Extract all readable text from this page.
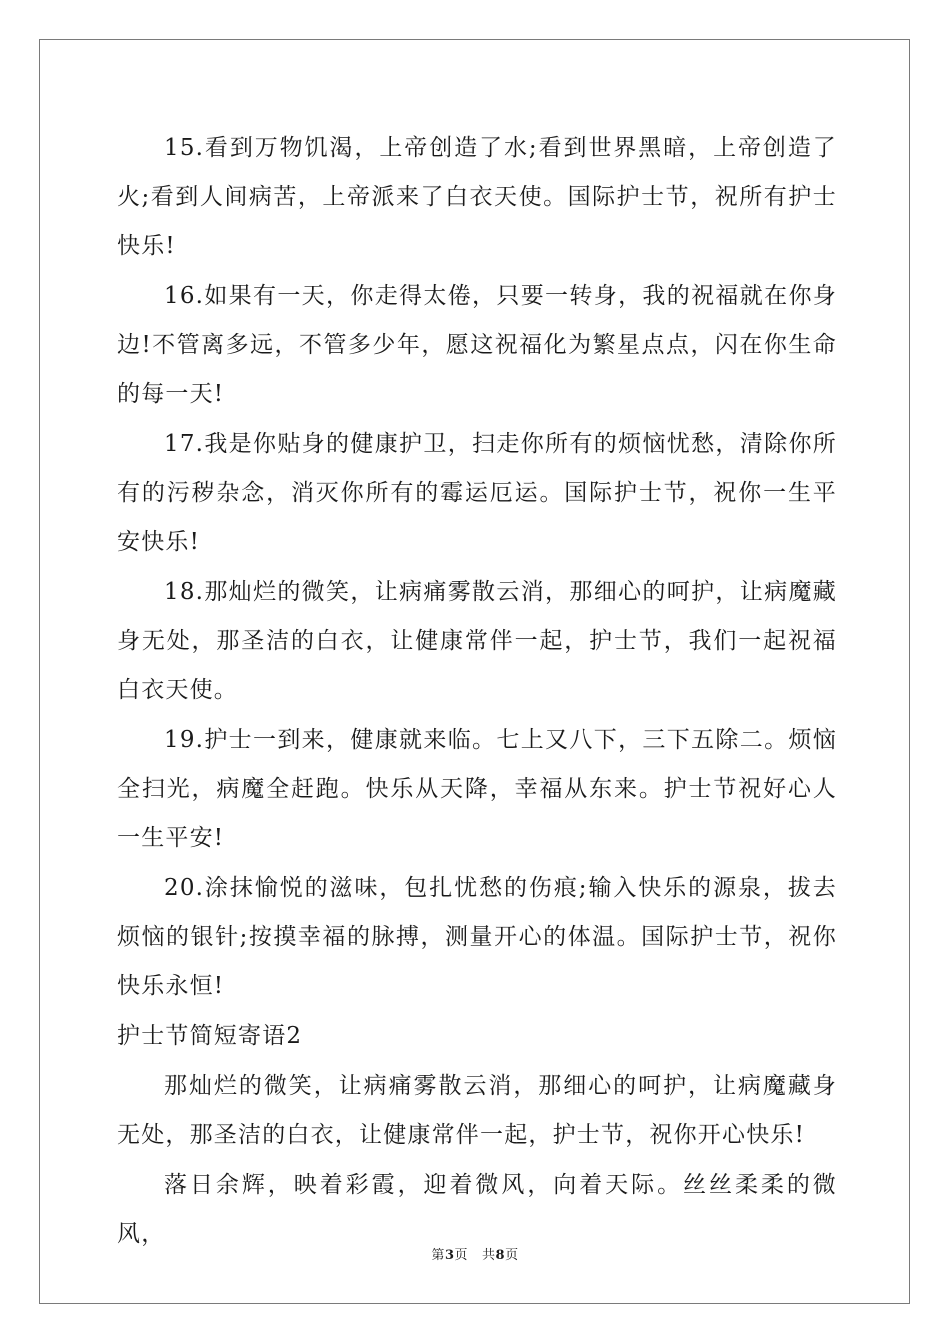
15.看到万物饥渴，上帝创造了水;看到世界黑暗，上帝创造了火;看到人间病苦，上帝派来了白衣天使。国际护士节，祝所有护士快乐!

16.如果有一天，你走得太倦，只要一转身，我的祝福就在你身边!不管离多远，不管多少年，愿这祝福化为繁星点点，闪在你生命的每一天!

17.我是你贴身的健康护卫，扫走你所有的烦恼忧愁，清除你所有的污秽杂念，消灭你所有的霉运厄运。国际护士节，祝你一生平安快乐!

18.那灿烂的微笑，让病痛雾散云消，那细心的呵护，让病魔藏身无处，那圣洁的白衣，让健康常伴一起，护士节，我们一起祝福白衣天使。

19.护士一到来，健康就来临。七上又八下，三下五除二。烦恼全扫光，病魔全赶跑。快乐从天降，幸福从东来。护士节祝好心人一生平安!

20.涂抹愉悦的滋味，包扎忧愁的伤痕;输入快乐的源泉，拔去烦恼的银针;按摸幸福的脉搏，测量开心的体温。国际护士节，祝你快乐永恒!

护士节简短寄语2

那灿烂的微笑，让病痛雾散云消，那细心的呵护，让病魔藏身无处，那圣洁的白衣，让健康常伴一起，护士节，祝你开心快乐!

落日余辉，映着彩霞，迎着微风，向着天际。丝丝柔柔的微风，

第3页 共8页
